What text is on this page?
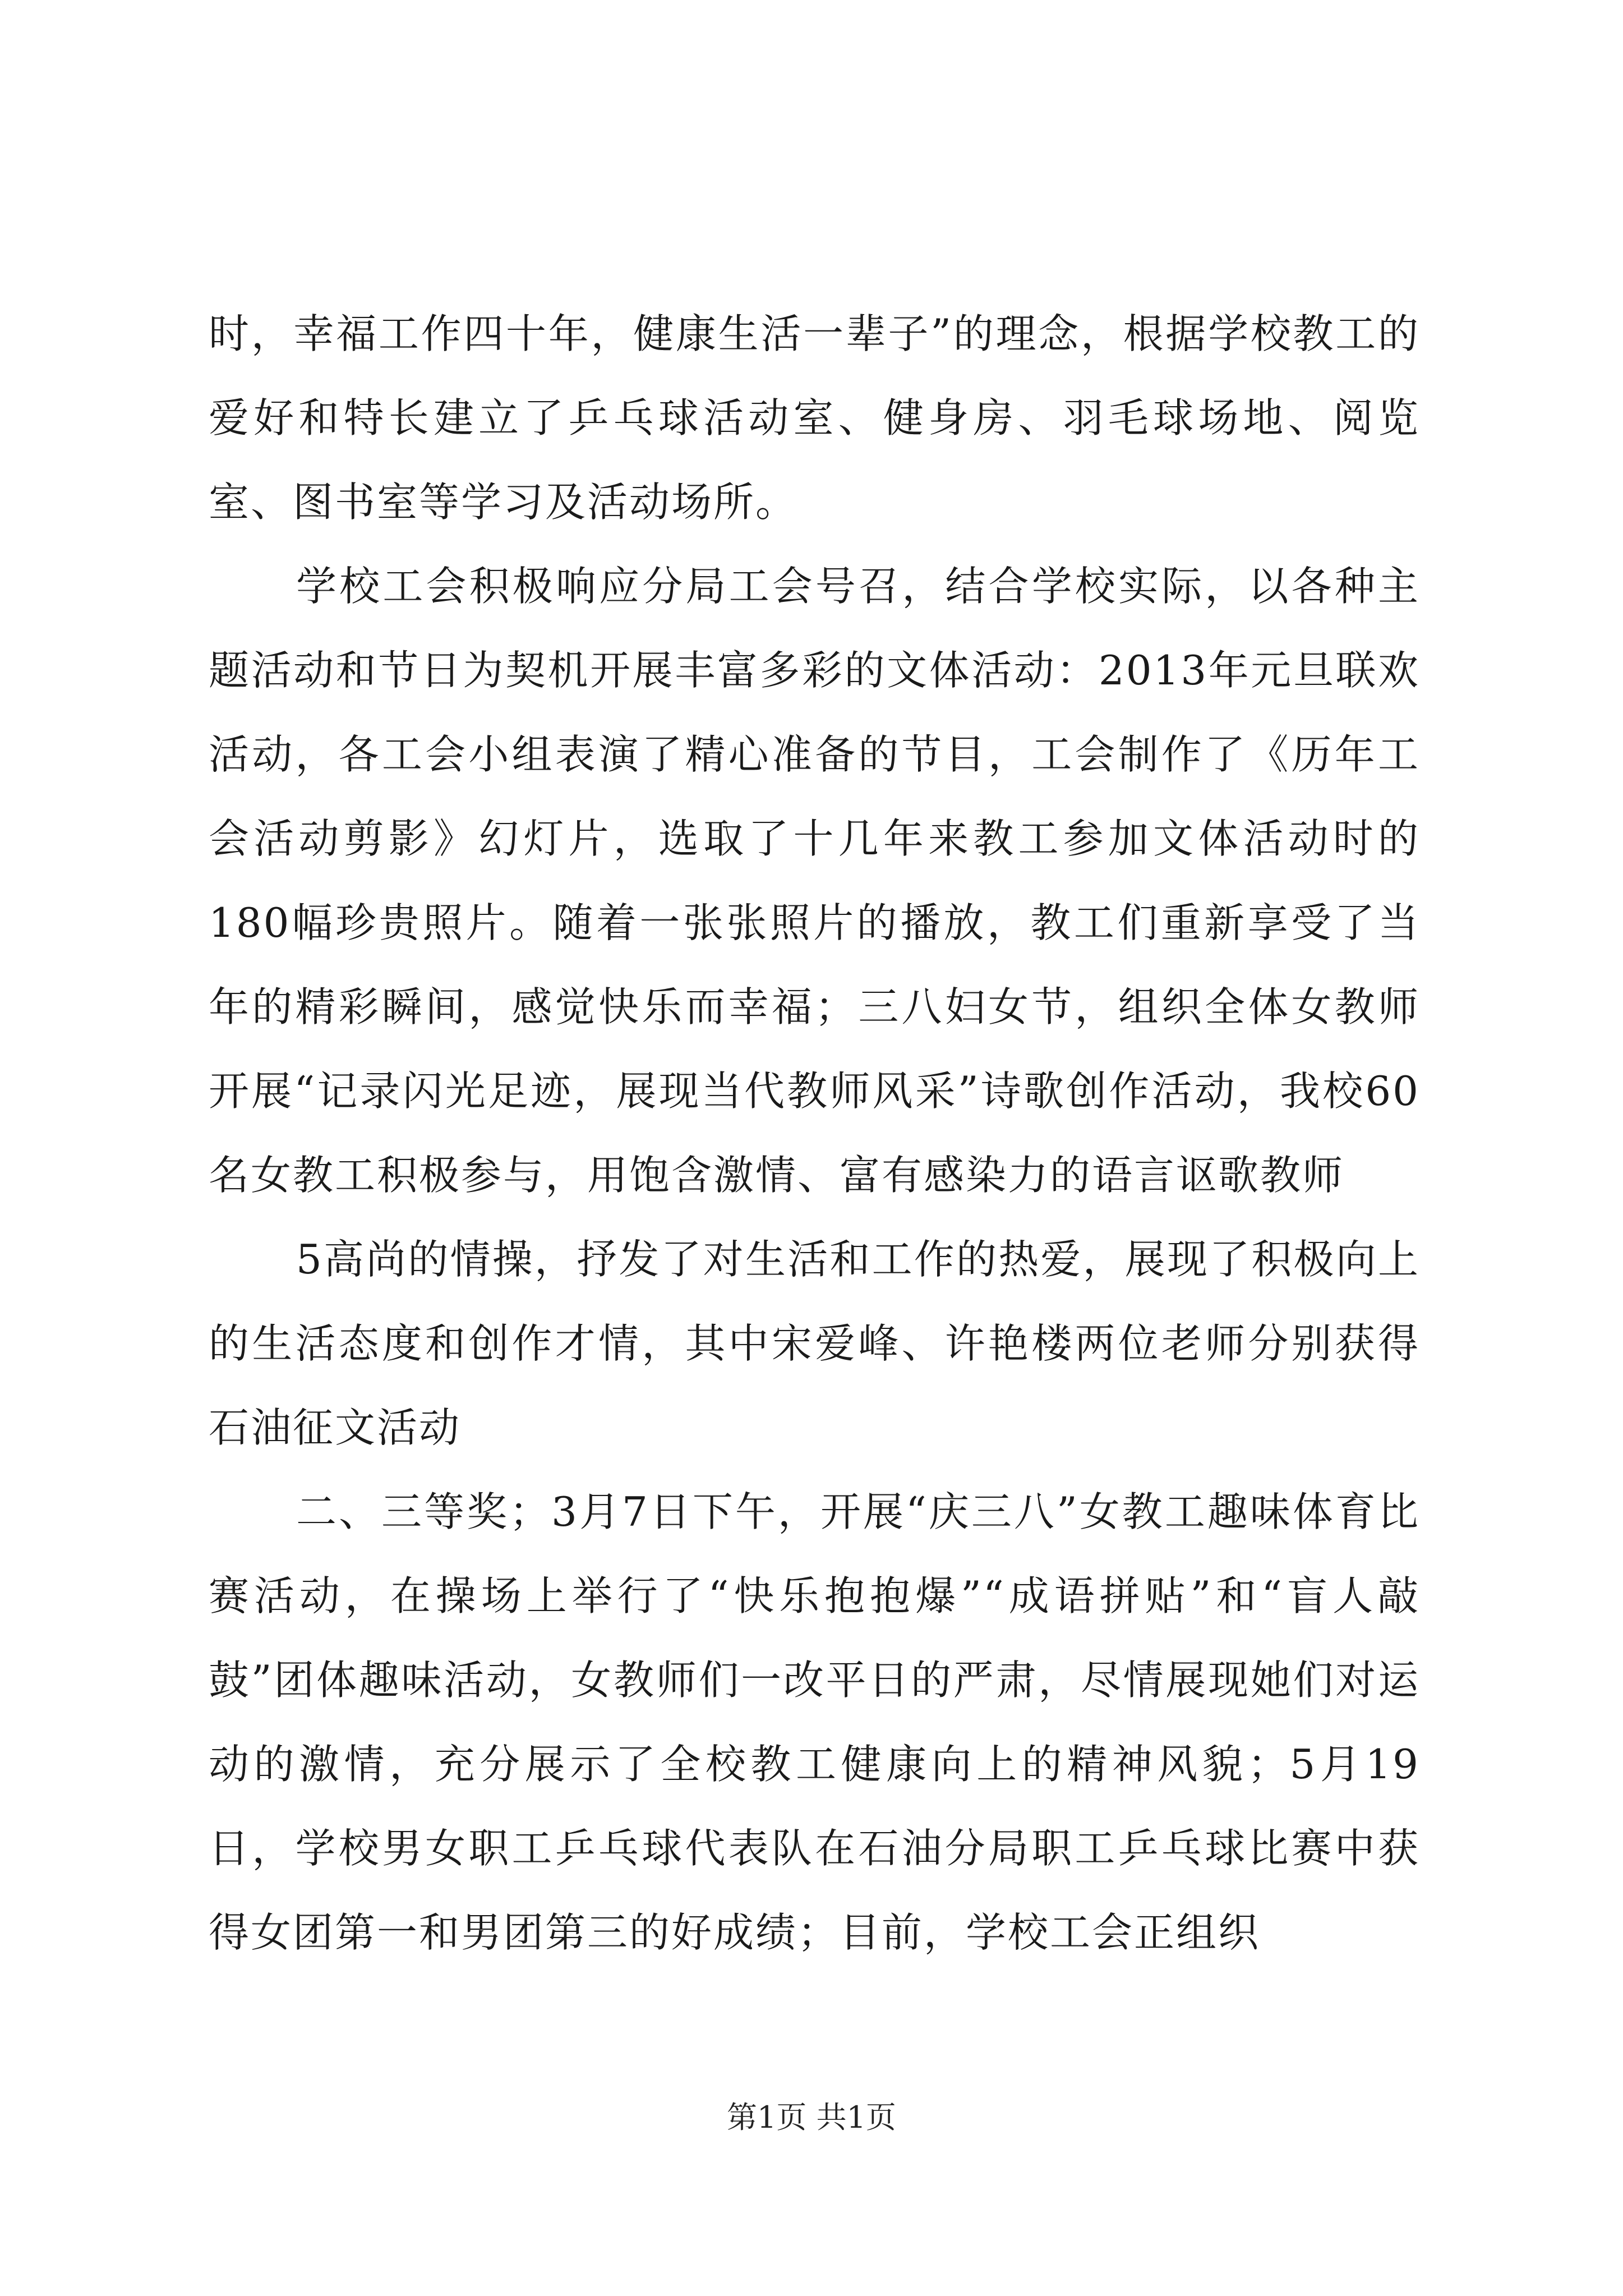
时，幸福工作四十年，健康生活一辈子”的理念，根据学校教工的爱好和特长建立了乒乓球活动室、健身房、羽毛球场地、阅览室、图书室等学习及活动场所。

学校工会积极响应分局工会号召，结合学校实际，以各种主题活动和节日为契机开展丰富多彩的文体活动：2013年元旦联欢活动，各工会小组表演了精心准备的节目，工会制作了《历年工会活动剪影》幻灯片，选取了十几年来教工参加文体活动时的180幅珍贵照片。随着一张张照片的播放，教工们重新享受了当年的精彩瞬间，感觉快乐而幸福；三八妇女节，组织全体女教师开展“记录闪光足迹，展现当代教师风采”诗歌创作活动，我校60名女教工积极参与，用饱含激情、富有感染力的语言讴歌教师

5高尚的情操，抒发了对生活和工作的热爱，展现了积极向上的生活态度和创作才情，其中宋爱峰、许艳楼两位老师分别获得石油征文活动

二、三等奖；3月7日下午，开展“庆三八”女教工趣味体育比赛活动，在操场上举行了“快乐抱抱爆”“成语拼贴”和“盲人敲鼓”团体趣味活动，女教师们一改平日的严肃，尽情展现她们对运动的激情，充分展示了全校教工健康向上的精神风貌；5月19日，学校男女职工乒乓球代表队在石油分局职工乒乓球比赛中获得女团第一和男团第三的好成绩；目前，学校工会正组织

第1页 共1页
